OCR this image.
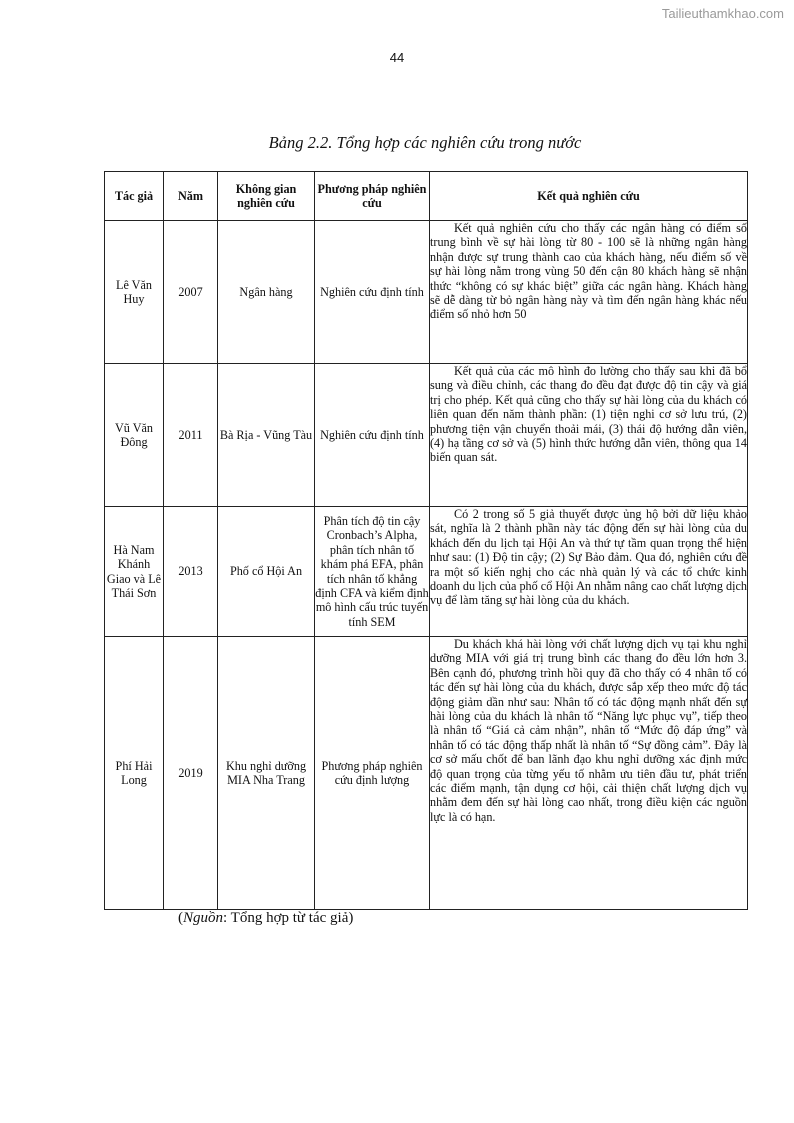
Tailieuthamkhao.com
44
Bảng 2.2. Tổng hợp các nghiên cứu trong nước
Tác giả	Năm	Không gian nghiên cứu	Phương pháp nghiên cứu	Kết quả nghiên cứu
Lê Văn Huy	2007	Ngân hàng	Nghiên cứu định tính	Kết quả nghiên cứu cho thấy các ngân hàng có điểm số trung bình về sự hài lòng từ 80 - 100 sẽ là những ngân hàng nhận được sự trung thành cao của khách hàng, nếu điểm số về sự hài lòng nằm trong vùng 50 đến cận 80 khách hàng sẽ nhận thức “không có sự khác biệt” giữa các ngân hàng. Khách hàng sẽ dễ dàng từ bỏ ngân hàng này và tìm đến ngân hàng khác nếu điểm số nhỏ hơn 50

Vũ Văn Đông	2011	Bà Rịa - Vũng Tàu	Nghiên cứu định tính	Kết quả của các mô hình đo lường cho thấy sau khi đã bổ sung và điều chỉnh, các thang đo đều đạt được độ tin cậy và giá trị cho phép. Kết quả cũng cho thấy sự hài lòng của du khách có liên quan đến năm thành phần: (1) tiện nghi cơ sở lưu trú, (2) phương tiện vận chuyển thoải mái, (3) thái độ hướng dẫn viên, (4) hạ tầng cơ sở và (5) hình thức hướng dẫn viên, thông qua 14 biến quan sát.

Hà Nam Khánh Giao và Lê Thái Sơn	2013	Phố cổ Hội An	Phân tích độ tin cậy Cronbach’s Alpha, phân tích nhân tố khám phá EFA, phân tích nhân tố khẳng định CFA và kiểm định mô hình cấu trúc tuyến tính SEM	Có 2 trong số 5 giả thuyết được ủng hộ bởi dữ liệu khảo sát, nghĩa là 2 thành phần này tác động đến sự hài lòng của du khách đến du lịch tại Hội An và thứ tự tầm quan trọng thể hiện như sau: (1) Độ tin cậy; (2) Sự Bảo đảm. Qua đó, nghiên cứu đề ra một số kiến nghị cho các nhà quản lý và các tổ chức kinh doanh du lịch của phố cổ Hội An nhằm nâng cao chất lượng dịch vụ để làm tăng sự hài lòng của du khách.

Phí Hải Long	2019	Khu nghỉ dưỡng MIA Nha Trang	Phương pháp nghiên cứu định lượng	Du khách khá hài lòng với chất lượng dịch vụ tại khu nghỉ dưỡng MIA với giá trị trung bình các thang đo đều lớn hơn 3. Bên cạnh đó, phương trình hồi quy đã cho thấy có 4 nhân tố có tác đến sự hài lòng của du khách, được sắp xếp theo mức độ tác động giảm dần như sau: Nhân tố có tác động mạnh nhất đến sự hài lòng của du khách là nhân tố “Năng lực phục vụ”, tiếp theo là nhân tố “Giá cả cảm nhận”, nhân tố “Mức độ đáp ứng” và nhân tố có tác động thấp nhất là nhân tố “Sự đồng cảm”. Đây là cơ sở mấu chốt để ban lãnh đạo khu nghỉ dưỡng xác định mức độ quan trọng của từng yếu tố nhằm ưu tiên đầu tư, phát triển các điểm mạnh, tận dụng cơ hội, cải thiện chất lượng dịch vụ nhằm đem đến sự hài lòng cao nhất, trong điều kiện các nguồn lực là có hạn.
(Nguồn: Tổng hợp từ tác giả)
